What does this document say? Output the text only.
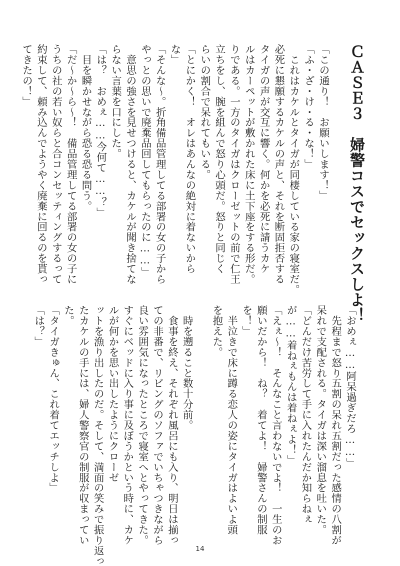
ＣＡＳＥ３　婦警コスでセックスしよ！
「この通り！　お願いします！」
「ふ・ざ・け・る・な！」
　これはカケルとタイガが同棲している家の寝室だ。
必死に懇願するカケルの声と、それを断固拒否する
タイガの声が交互に響く。何かを必死に請うカケ
ルはカーペットが敷かれた床に土下座をする形だ。
りである。一方のタイガはクローゼットの前で仁王
立ちをし、腕を組んで怒り心頭だ。怒りと同じく
らいの割合で呆れてもいる。
「とにかく！　オレはあんなの絶対に着ないから
な」
「そんな～。折角備品管理してる部署の女の子から
やっとの思いで廃棄品回してもらったのに……」
　意思の強さを見せつけると、カケルが聞き捨てな
らない言葉を口にした。
「は？　おめぇ……今何て……？」
　目を瞬かせながら恐る恐る問う。
「だ～か～ら～！　備品管理してる部署の女の子に
うちの社の若い奴らと合コンセッティングするって
約束して、頼み込んでようやく廃棄に回るのを貰っ
てきたの！」
「おめぇ……阿呆過ぎだろ……」
　先程まで怒り五割の呆れ五割だった感情の八割が
呆れで支配される。タイガは深い溜息を吐いた。
「どんだけ苦労して手に入れたんだか知らねぇ
が……着ねぇもんは着ねぇよ！」
「えぇ～！　そんなこと言わないでよ！　一生のお
願いだから！　ね？　着てよ！　婦警さんの制服
を！」
　半泣きで床に蹲る恋人の姿にタイガはよいよ頭
を抱えた。
　時を遡ること数十分前。
　食事を終え、それぞれ風呂にも入り、明日は揃っ
ての非番で、リビングのソファでいちゃつきながら
良い雰囲気になったところで寝室へとやってきた。
すぐにベッドに入り事に及ぼうかという時に、カケ
ルが何かを思い出したようにクローゼ
ットを漁り出したのだ。そして、満面の笑みで振り返っ
たカケルの手には、婦人警察官の制服が収まってい
た。
「タイガきゅん、これ着てエッチしよ」
「は？」
14
